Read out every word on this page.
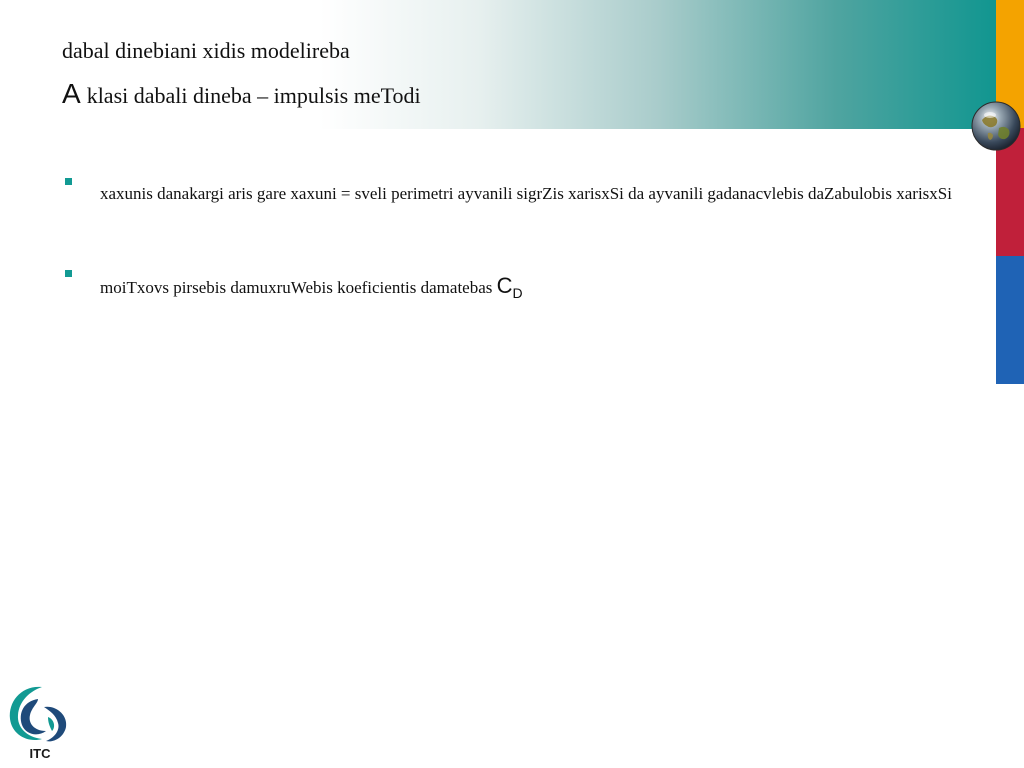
dabal dinebiani xidis modelireba
A klasi dabali dineba – impulsis meTodi
xaxunis danakargi aris gare xaxuni = sveli perimetri ayvanili sigrZis xarisxSi da ayvanili gadanacvlebis daZabulobis xarisxSi
moiTxovs pirsebis damuxruWebis koeficientis damatebas $C_D$
ITC
